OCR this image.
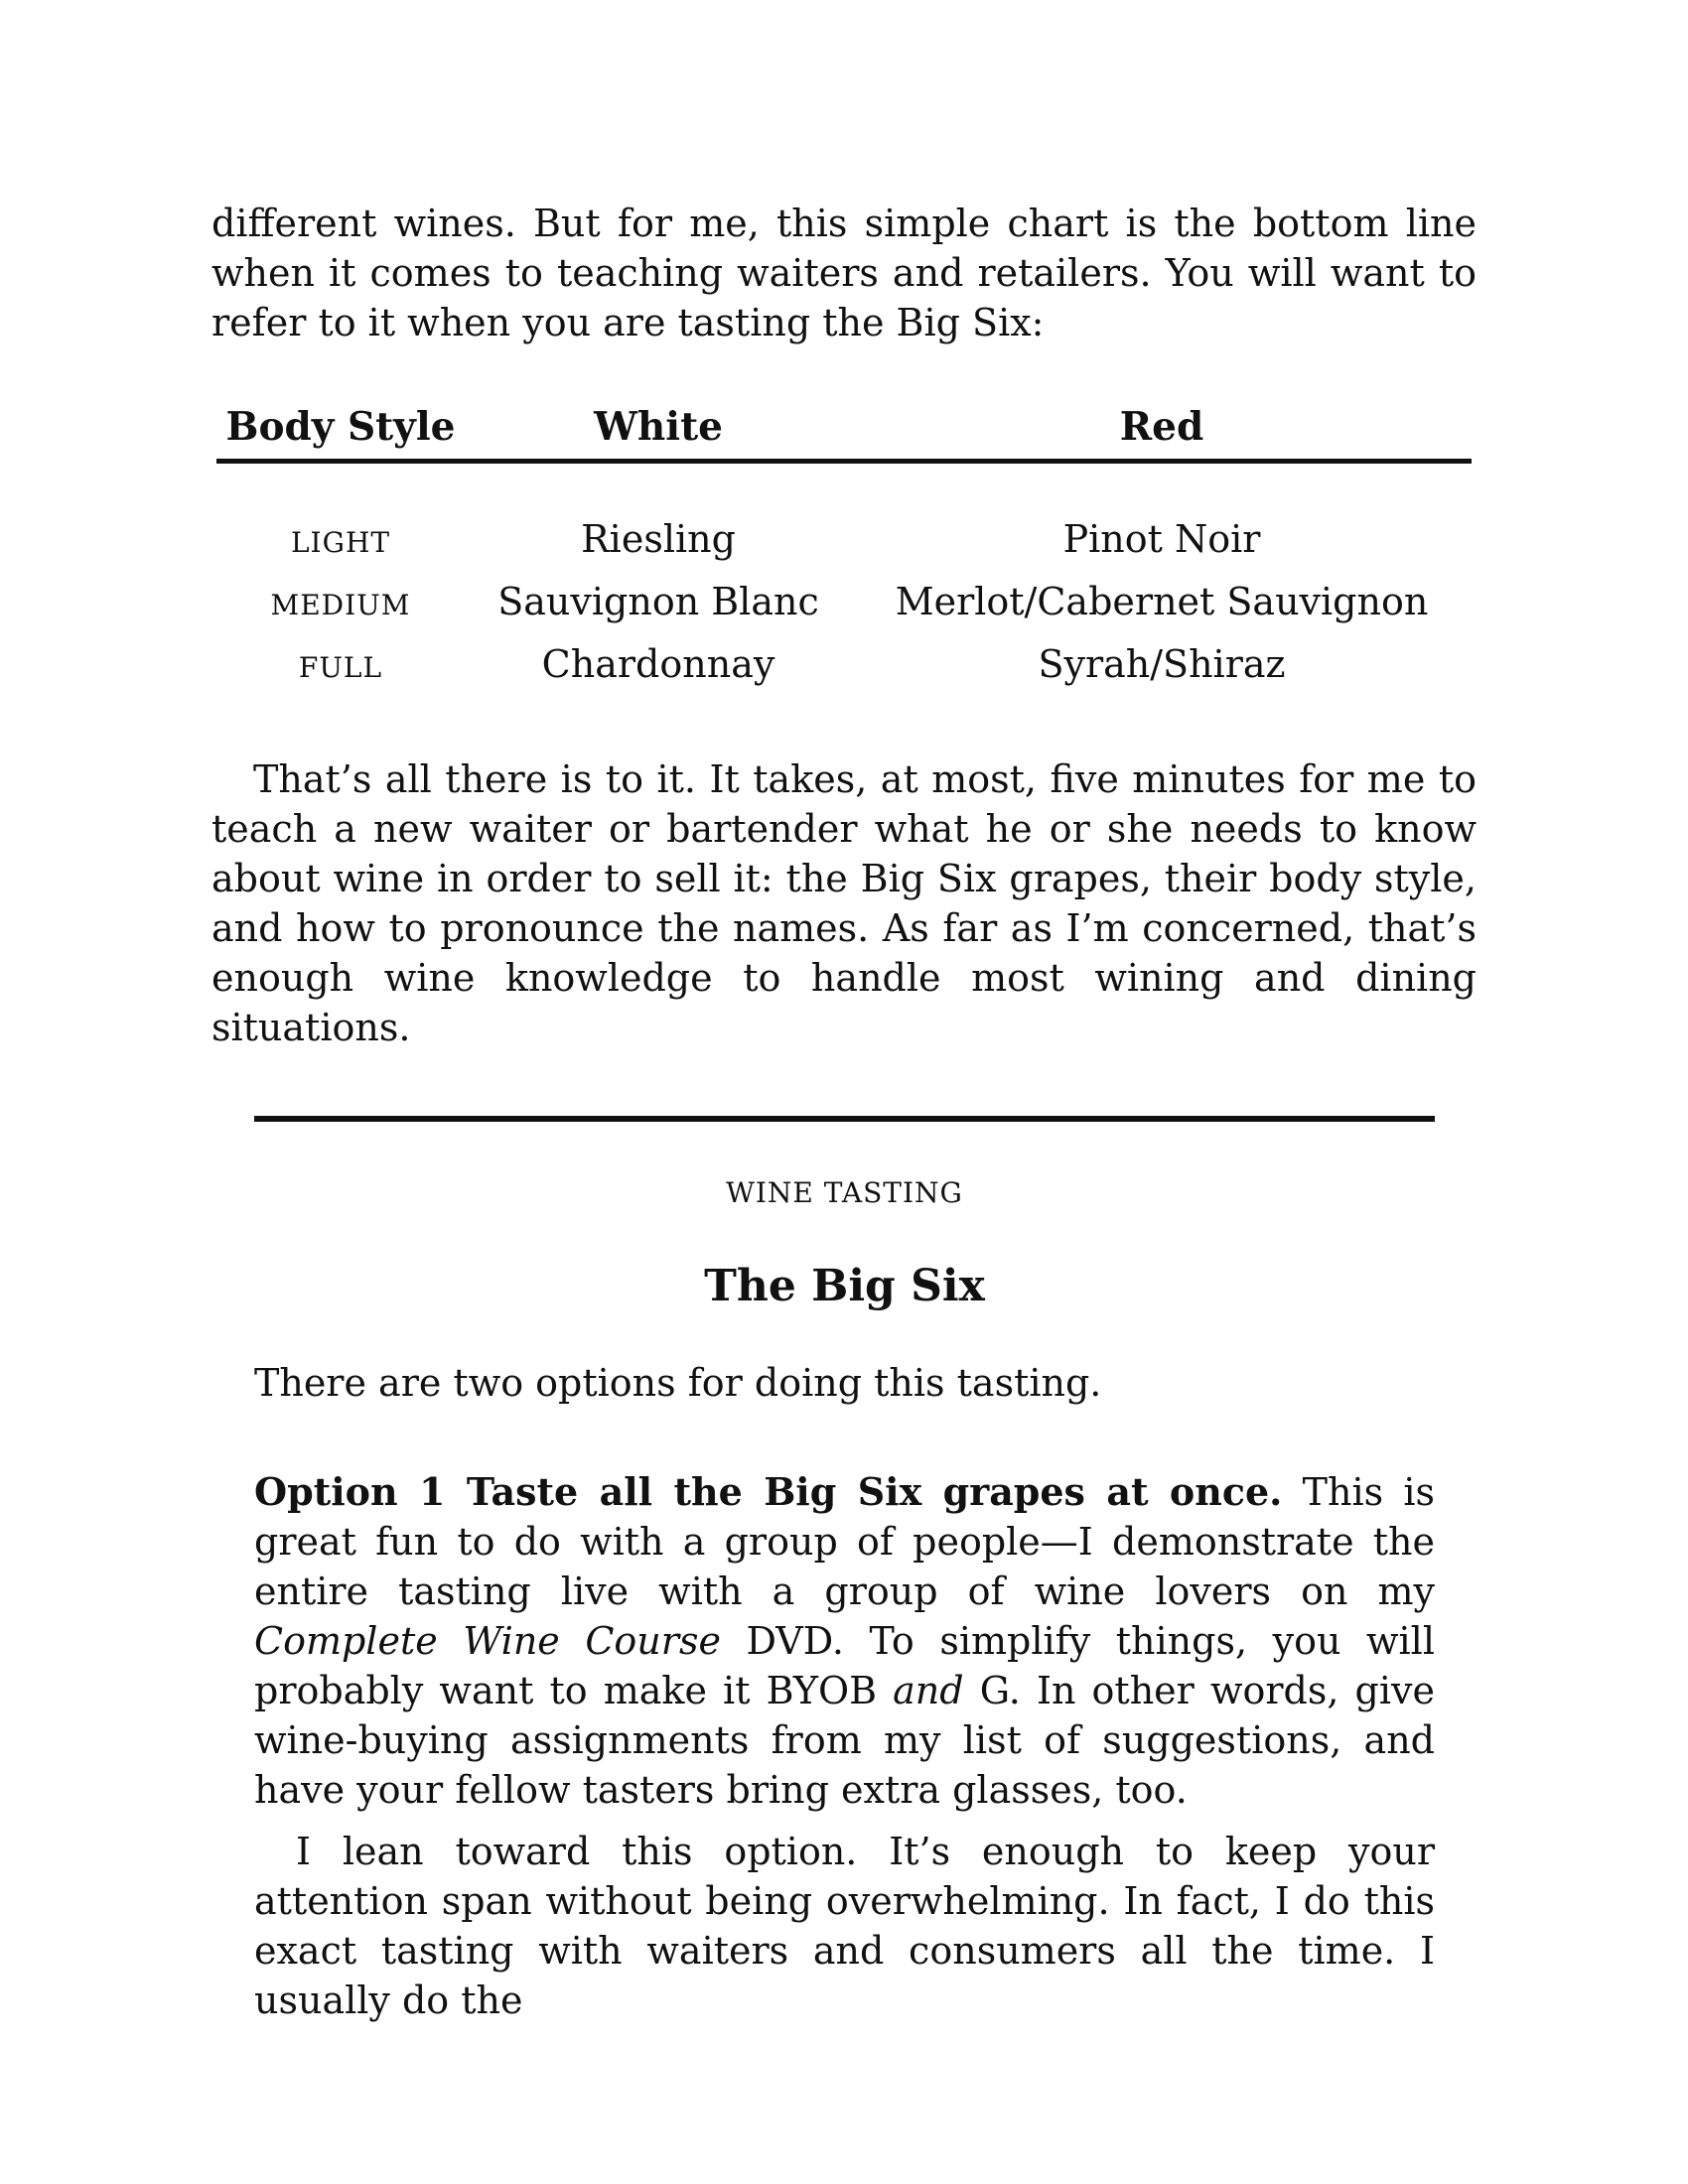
different wines. But for me, this simple chart is the bottom line when it comes to teaching waiters and retailers. You will want to refer to it when you are tasting the Big Six:

Body Style	White	Red
LIGHT	Riesling	Pinot Noir
MEDIUM	Sauvignon Blanc	Merlot/Cabernet Sauvignon
FULL	Chardonnay	Syrah/Shiraz

That’s all there is to it. It takes, at most, five minutes for me to teach a new waiter or bartender what he or she needs to know about wine in order to sell it: the Big Six grapes, their body style, and how to pronounce the names. As far as I’m concerned, that’s enough wine knowledge to handle most wining and dining situations.

WINE TASTING
The Big Six

There are two options for doing this tasting.

Option 1 Taste all the Big Six grapes at once. This is great fun to do with a group of people—I demonstrate the entire tasting live with a group of wine lovers on my Complete Wine Course DVD. To simplify things, you will probably want to make it BYOB and G. In other words, give wine-buying assignments from my list of suggestions, and have your fellow tasters bring extra glasses, too.

I lean toward this option. It’s enough to keep your attention span without being overwhelming. In fact, I do this exact tasting with waiters and consumers all the time. I usually do the
